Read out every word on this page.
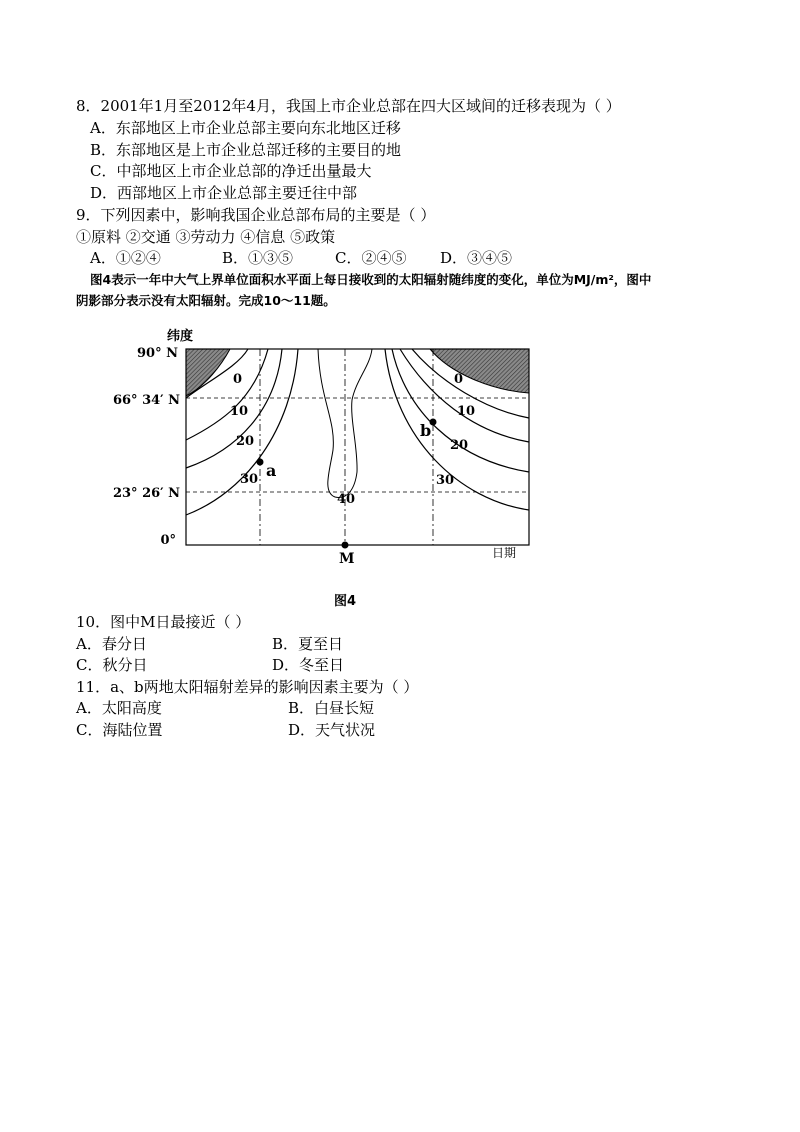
8．2001年1月至2012年4月，我国上市企业总部在四大区域间的迁移表现为（ ）
A．东部地区上市企业总部主要向东北地区迁移
B．东部地区是上市企业总部迁移的主要目的地
C．中部地区上市企业总部的净迁出量最大
D．西部地区上市企业总部主要迁往中部
9．下列因素中，影响我国企业总部布局的主要是（ ）
①原料 ②交通 ③劳动力 ④信息 ⑤政策
A．①②④	B．①③⑤	C．②④⑤ D．③④⑤
图4表示一年中大气上界单位面积水平面上每日接收到的太阳辐射随纬度的变化，单位为MJ/m²，图中
阴影部分表示没有太阳辐射。完成10～11题。
纬度
日期
90° N
66° 34′ N
23° 26′ N
0°
0
10
20
30
0
10
20
30
40
a
b
M
图4
10．图中M日最接近（ ）
A．春分日	B．夏至日
C．秋分日	D．冬至日
11．a、b两地太阳辐射差异的影响因素主要为（ ）
A．太阳高度	B．白昼长短
C．海陆位置	D．天气状况
